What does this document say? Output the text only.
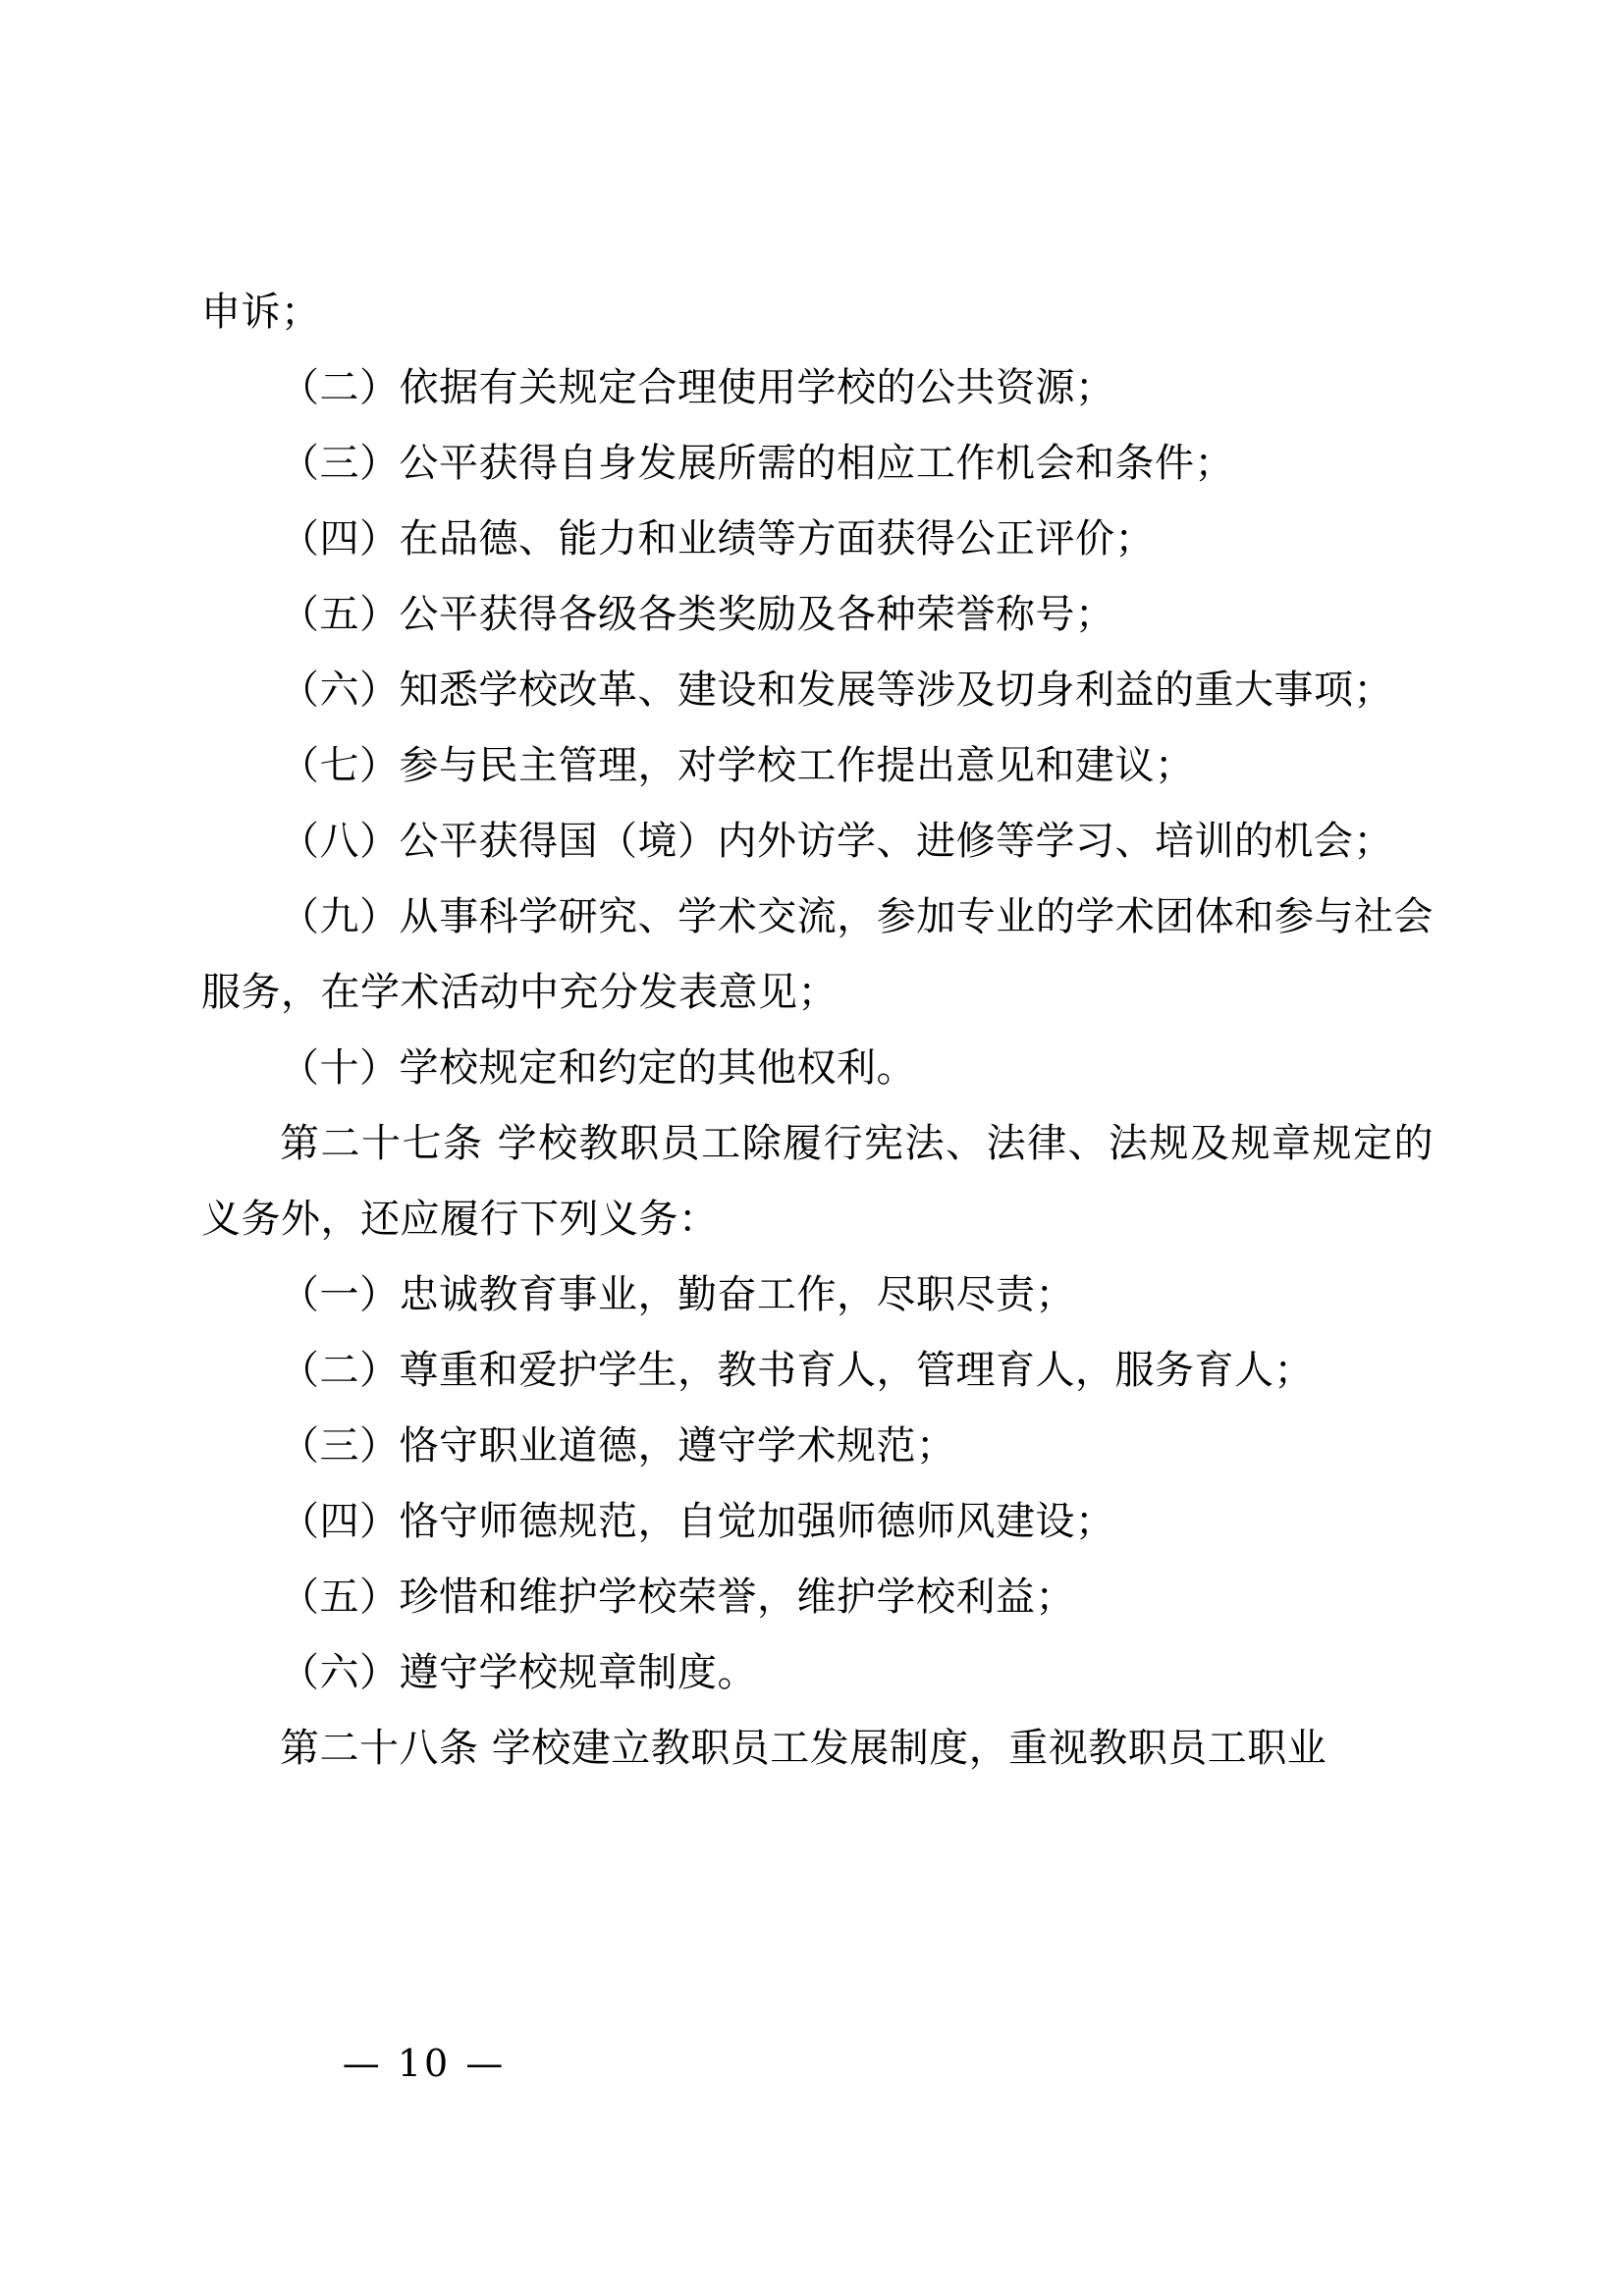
申诉；

（二）依据有关规定合理使用学校的公共资源；

（三）公平获得自身发展所需的相应工作机会和条件；

（四）在品德、能力和业绩等方面获得公正评价；

（五）公平获得各级各类奖励及各种荣誉称号；

（六）知悉学校改革、建设和发展等涉及切身利益的重大事项；

（七）参与民主管理，对学校工作提出意见和建议；

（八）公平获得国（境）内外访学、进修等学习、培训的机会；

（九）从事科学研究、学术交流，参加专业的学术团体和参与社会服务，在学术活动中充分发表意见；

（十）学校规定和约定的其他权利。

第二十七条 学校教职员工除履行宪法、法律、法规及规章规定的义务外，还应履行下列义务：

（一）忠诚教育事业，勤奋工作，尽职尽责；

（二）尊重和爱护学生，教书育人，管理育人，服务育人；

（三）恪守职业道德，遵守学术规范；

（四）恪守师德规范，自觉加强师德师风建设；

（五）珍惜和维护学校荣誉，维护学校利益；

（六）遵守学校规章制度。

第二十八条 学校建立教职员工发展制度，重视教职员工职业

— 10 —
